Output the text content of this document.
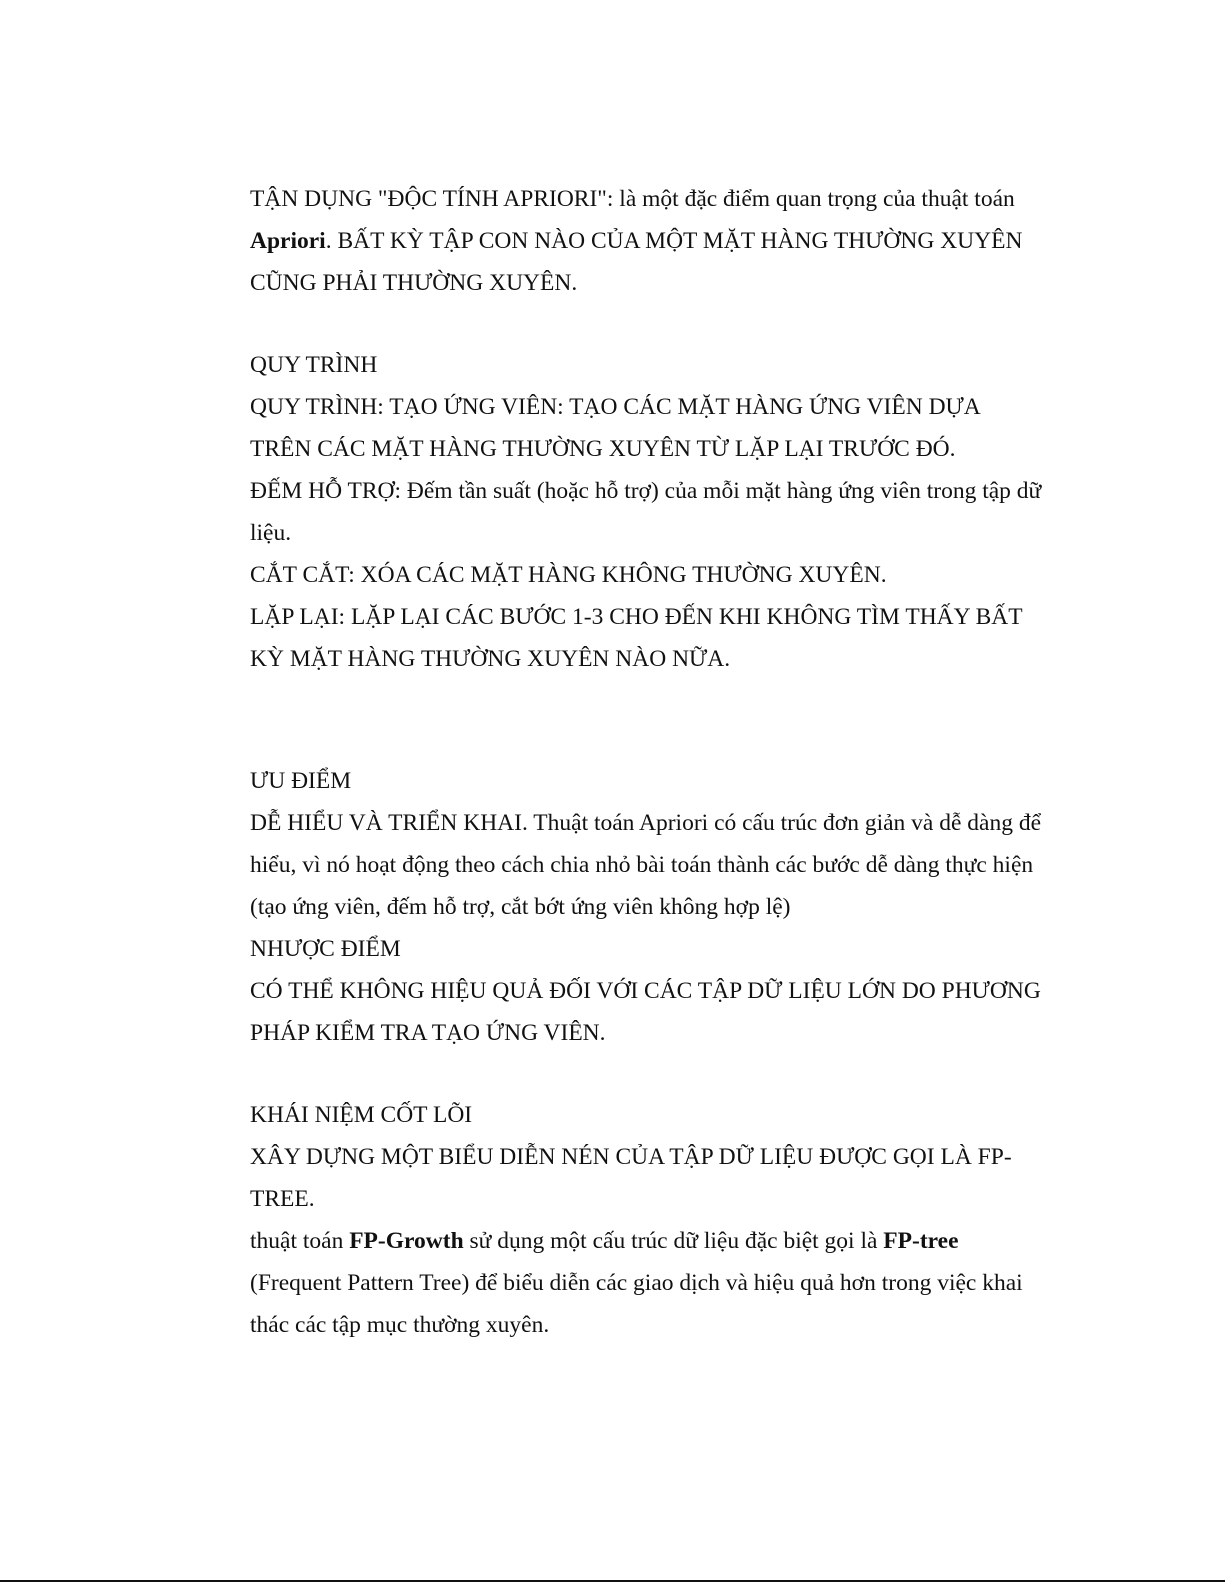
TẬN DỤNG "ĐỘC TÍNH APRIORI": là một đặc điểm quan trọng của thuật toán
Apriori. BẤT KỲ TẬP CON NÀO CỦA MỘT MẶT HÀNG THƯỜNG XUYÊN
CŨNG PHẢI THƯỜNG XUYÊN.
QUY TRÌNH
QUY TRÌNH: TẠO ỨNG VIÊN: TẠO CÁC MẶT HÀNG ỨNG VIÊN DỰA
TRÊN CÁC MẶT HÀNG THƯỜNG XUYÊN TỪ LẶP LẠI TRƯỚC ĐÓ.
ĐẾM HỖ TRỢ: Đếm tần suất (hoặc hỗ trợ) của mỗi mặt hàng ứng viên trong tập dữ
liệu.
CẮT CẮT: XÓA CÁC MẶT HÀNG KHÔNG THƯỜNG XUYÊN.
LẶP LẠI: LẶP LẠI CÁC BƯỚC 1-3 CHO ĐẾN KHI KHÔNG TÌM THẤY BẤT
KỲ MẶT HÀNG THƯỜNG XUYÊN NÀO NỮA.
ƯU ĐIỂM
DỄ HIỂU VÀ TRIỂN KHAI. Thuật toán Apriori có cấu trúc đơn giản và dễ dàng để
hiểu, vì nó hoạt động theo cách chia nhỏ bài toán thành các bước dễ dàng thực hiện
(tạo ứng viên, đếm hỗ trợ, cắt bớt ứng viên không hợp lệ)
NHƯỢC ĐIỂM
CÓ THỂ KHÔNG HIỆU QUẢ ĐỐI VỚI CÁC TẬP DỮ LIỆU LỚN DO PHƯƠNG
PHÁP KIỂM TRA TẠO ỨNG VIÊN.
KHÁI NIỆM CỐT LÕI
XÂY DỰNG MỘT BIỂU DIỄN NÉN CỦA TẬP DỮ LIỆU ĐƯỢC GỌI LÀ FP-
TREE.
thuật toán FP-Growth sử dụng một cấu trúc dữ liệu đặc biệt gọi là FP-tree
(Frequent Pattern Tree) để biểu diễn các giao dịch và hiệu quả hơn trong việc khai
thác các tập mục thường xuyên.
